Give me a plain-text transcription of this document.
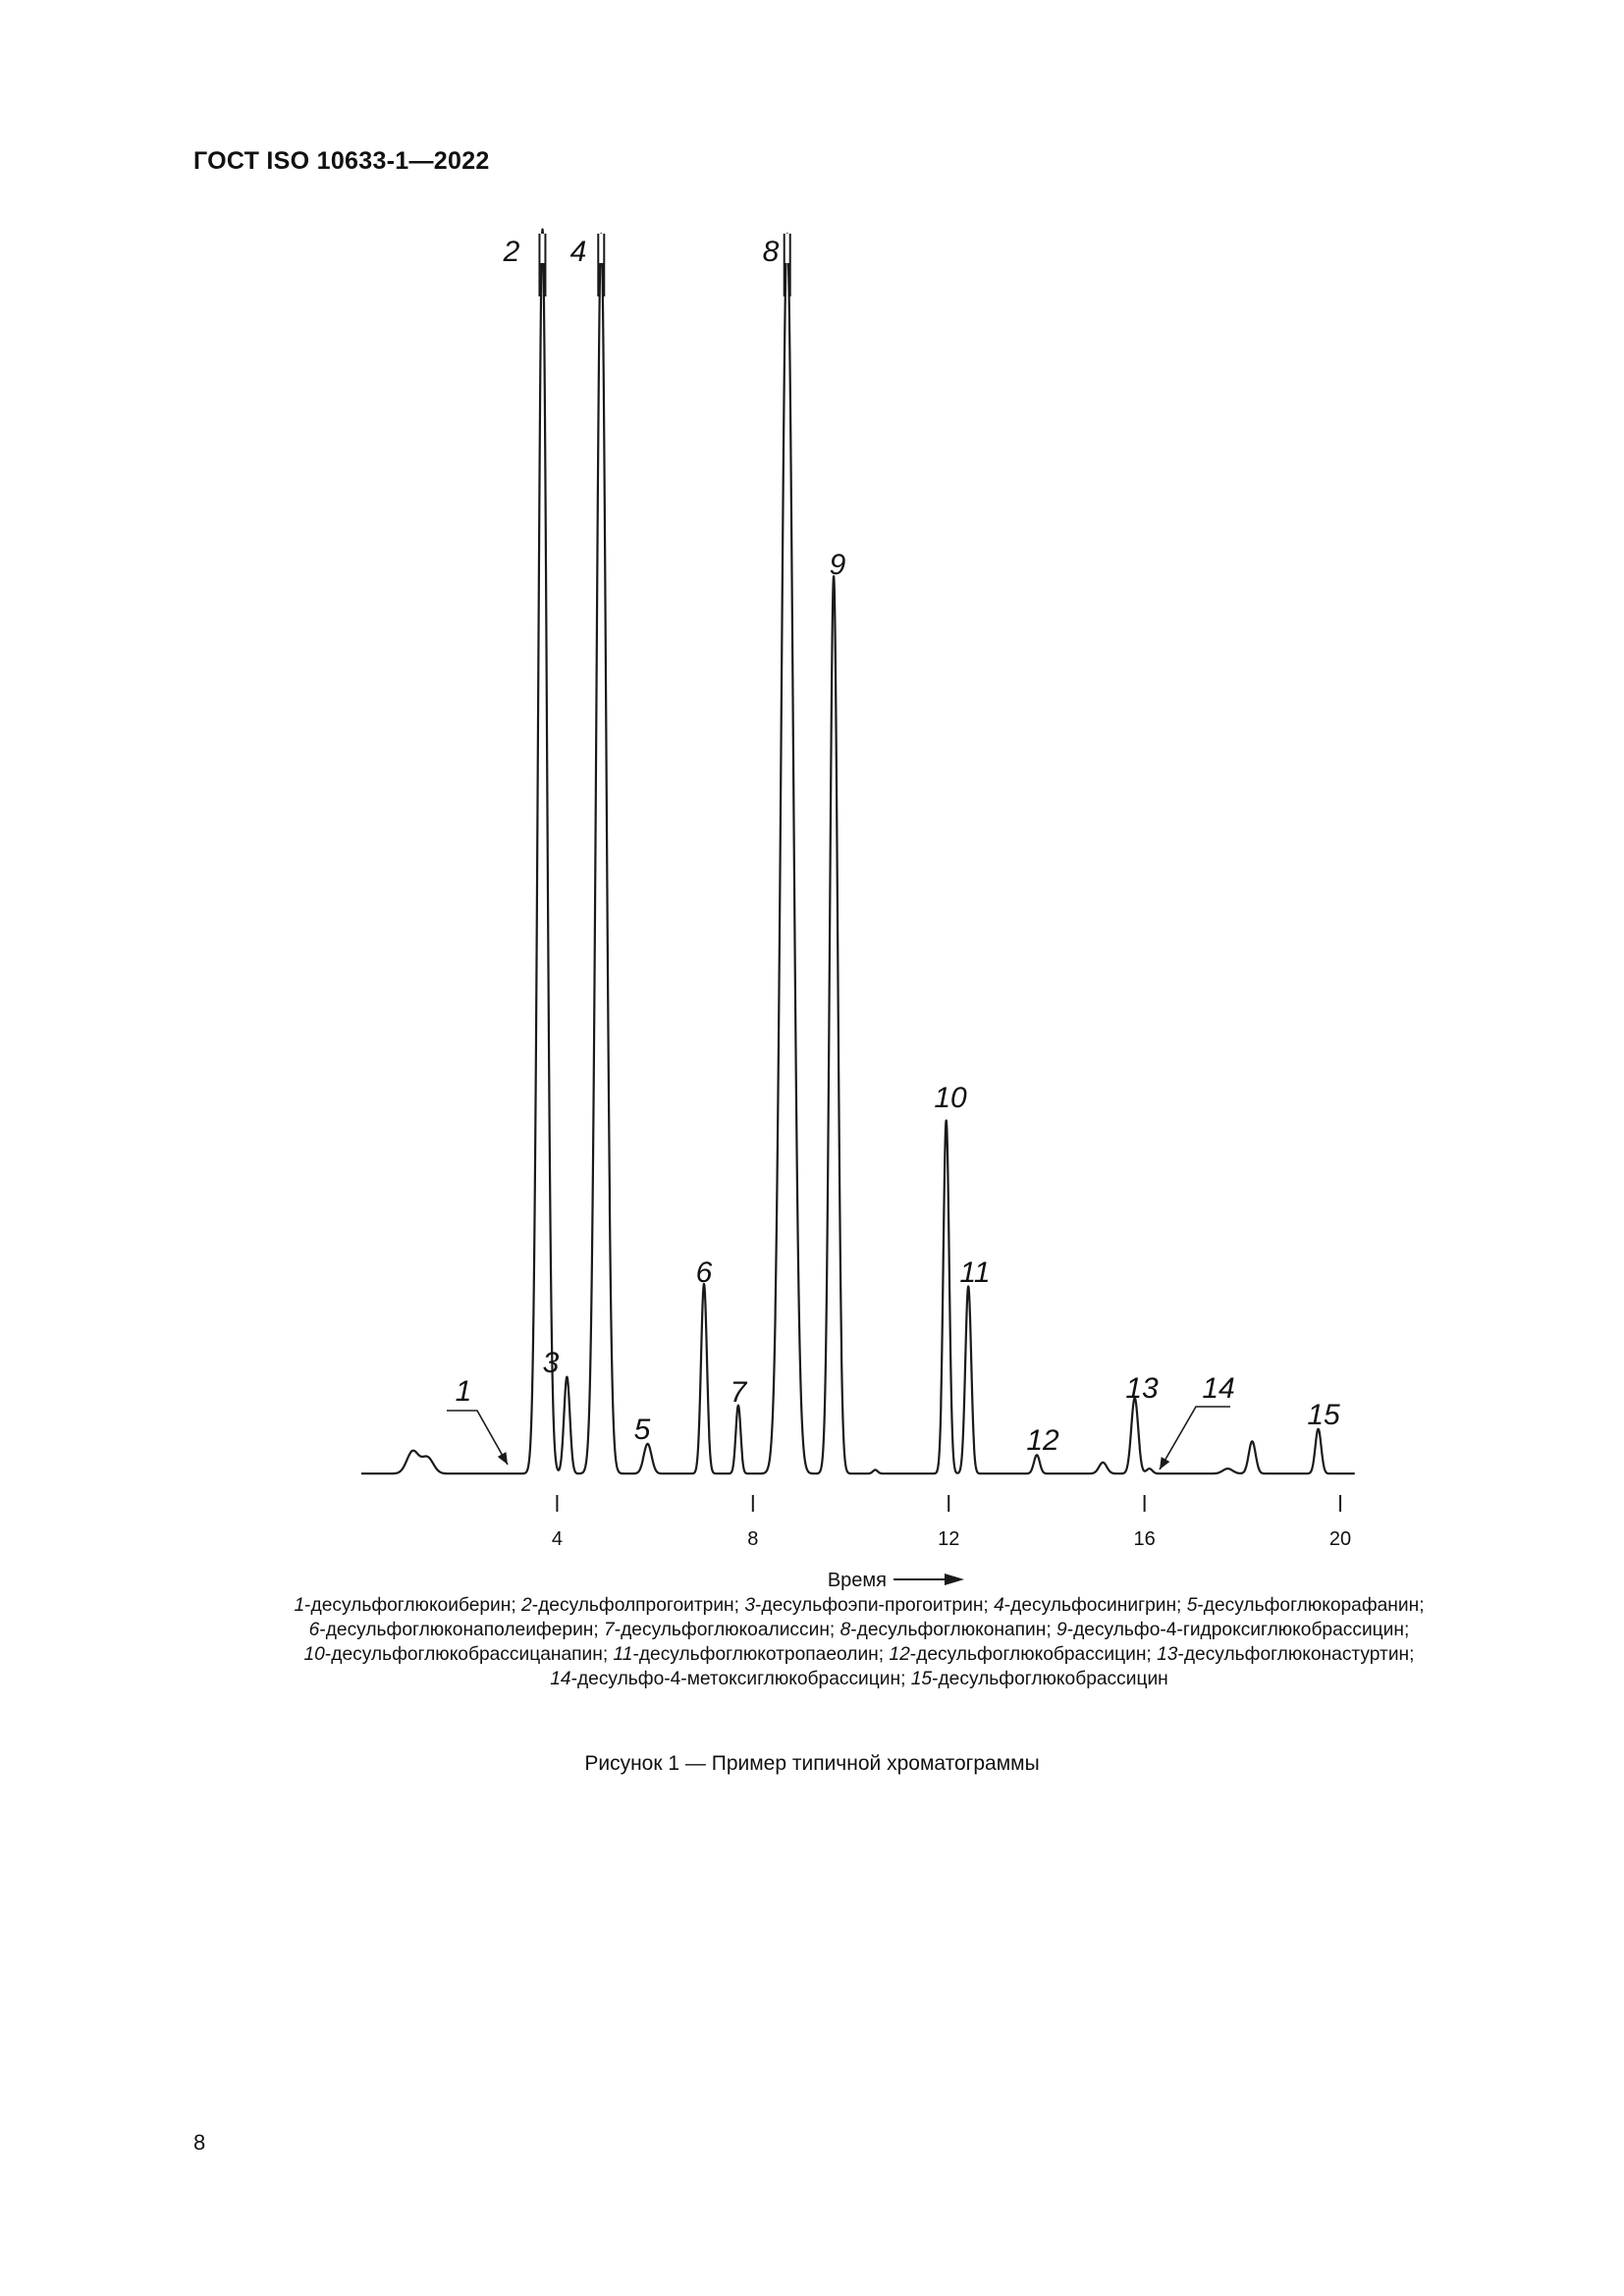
ГОСТ ISO 10633-1—2022
4	8	12	16	20
Время
1
2
3
4
5
6
7
8
9
10
11
12
13 14
15
1-десульфоглюкоиберин; 2-десульфолпрогоитрин; 3-десульфоэпи-прогоитрин; 4-десульфосинигрин; 5-десульфоглюкорафанин;
6-десульфоглюконаполеиферин; 7-десульфоглюкоалиссин; 8-десульфоглюконапин; 9-десульфо-4-гидроксиглюкобрассицин;
10-десульфоглюкобрассицанапин; 11-десульфоглюкотропаеолин; 12-десульфоглюкобрассицин; 13-десульфоглюконастуртин;
14-десульфо-4-метоксиглюкобрассицин; 15-десульфоглюкобрассицин
Рисунок 1 — Пример типичной хроматограммы
8
